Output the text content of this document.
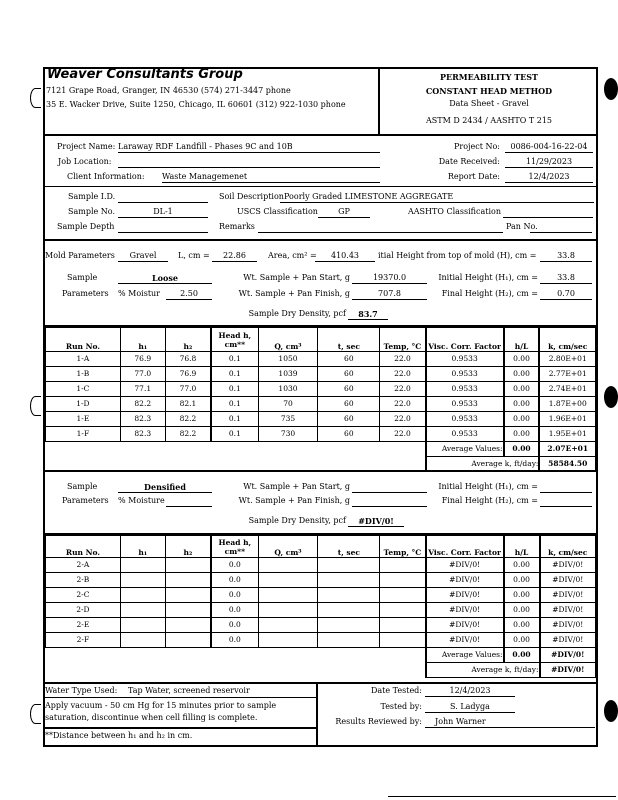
Weaver Consultants Group
7121 Grape Road, Granger, IN 46530 (574) 271-3447 phone
35 E. Wacker Drive, Suite 1250, Chicago, IL 60601 (312) 922-1030 phone
PERMEABILITY TEST
CONSTANT HEAD METHOD
Data Sheet - Gravel
ASTM D 2434 / AASHTO T 215
Project Name: Laraway RDF Landfill - Phases 9C and 10B
Job Location:
Client Information: Waste Managemenet
Project No:	0086-004-16-22-04
Date Received:	11/29/2023
Report Date:	12/4/2023
Sample I.D.
Sample No.	DL-1
Sample Depth
Soil Description Poorly Graded LIMESTONE AGGREGATE
USCS Classification	GP	AASHTO Classification
Remarks	Pan No.
Mold Parameters	Gravel	L, cm =	22.86	Area, cm² =	410.43	itial Height from top of mold (H), cm =	33.8
Sample
Parameters
Loose
% Moistur	2.50
Wt. Sample + Pan Start, g	19370.0
Wt. Sample + Pan Finish, g	707.8
Sample Dry Density, pcf	83.7
Initial Height (H₁), cm =	33.8
Final Height (H₂), cm =	0.70
Run No.	h₁	h₂	Head h, cm**	Q, cm³	t, sec	Temp, °C	Visc. Corr. Factor	h/L	k, cm/sec
1-A	76.9	76.8	0.1	1050	60	22.0	0.9533	0.00	2.80E+01
1-B	77.0	76.9	0.1	1039	60	22.0	0.9533	0.00	2.77E+01
1-C	77.1	77.0	0.1	1030	60	22.0	0.9533	0.00	2.74E+01
1-D	82.2	82.1	0.1	70	60	22.0	0.9533	0.00	1.87E+00
1-E	82.3	82.2	0.1	735	60	22.0	0.9533	0.00	1.96E+01
1-F	82.3	82.2	0.1	730	60	22.0	0.9533	0.00	1.95E+01
							Average Values:	0.00	2.07E+01
							Average k, ft/day:		58584.50
Sample
Parameters
Densified
% Moisture
Wt. Sample + Pan Start, g
Wt. Sample + Pan Finish, g
Sample Dry Density, pcf	#DIV/0!
Initial Height (H₁), cm =
Final Height (H₂), cm =
Run No.	h₁	h₂	Head h, cm**	Q, cm³	t, sec	Temp, °C	Visc. Corr. Factor	h/L	k, cm/sec
2-A			0.0				#DIV/0!	0.00	#DIV/0!
2-B			0.0				#DIV/0!	0.00	#DIV/0!
2-C			0.0				#DIV/0!	0.00	#DIV/0!
2-D			0.0				#DIV/0!	0.00	#DIV/0!
2-E			0.0				#DIV/0!	0.00	#DIV/0!
2-F			0.0				#DIV/0!	0.00	#DIV/0!
							Average Values:	0.00	#DIV/0!
							Average k, ft/day:		#DIV/0!
Water Type Used: Tap Water, screened reservoir
Apply vacuum - 50 cm Hg for 15 minutes prior to sample
saturation, discontinue when cell filling is complete.
**Distance between h₁ and h₂ in cm.
Date Tested:	12/4/2023
Tested by:	S. Ladyga
Results Reviewed by:	John Warner
